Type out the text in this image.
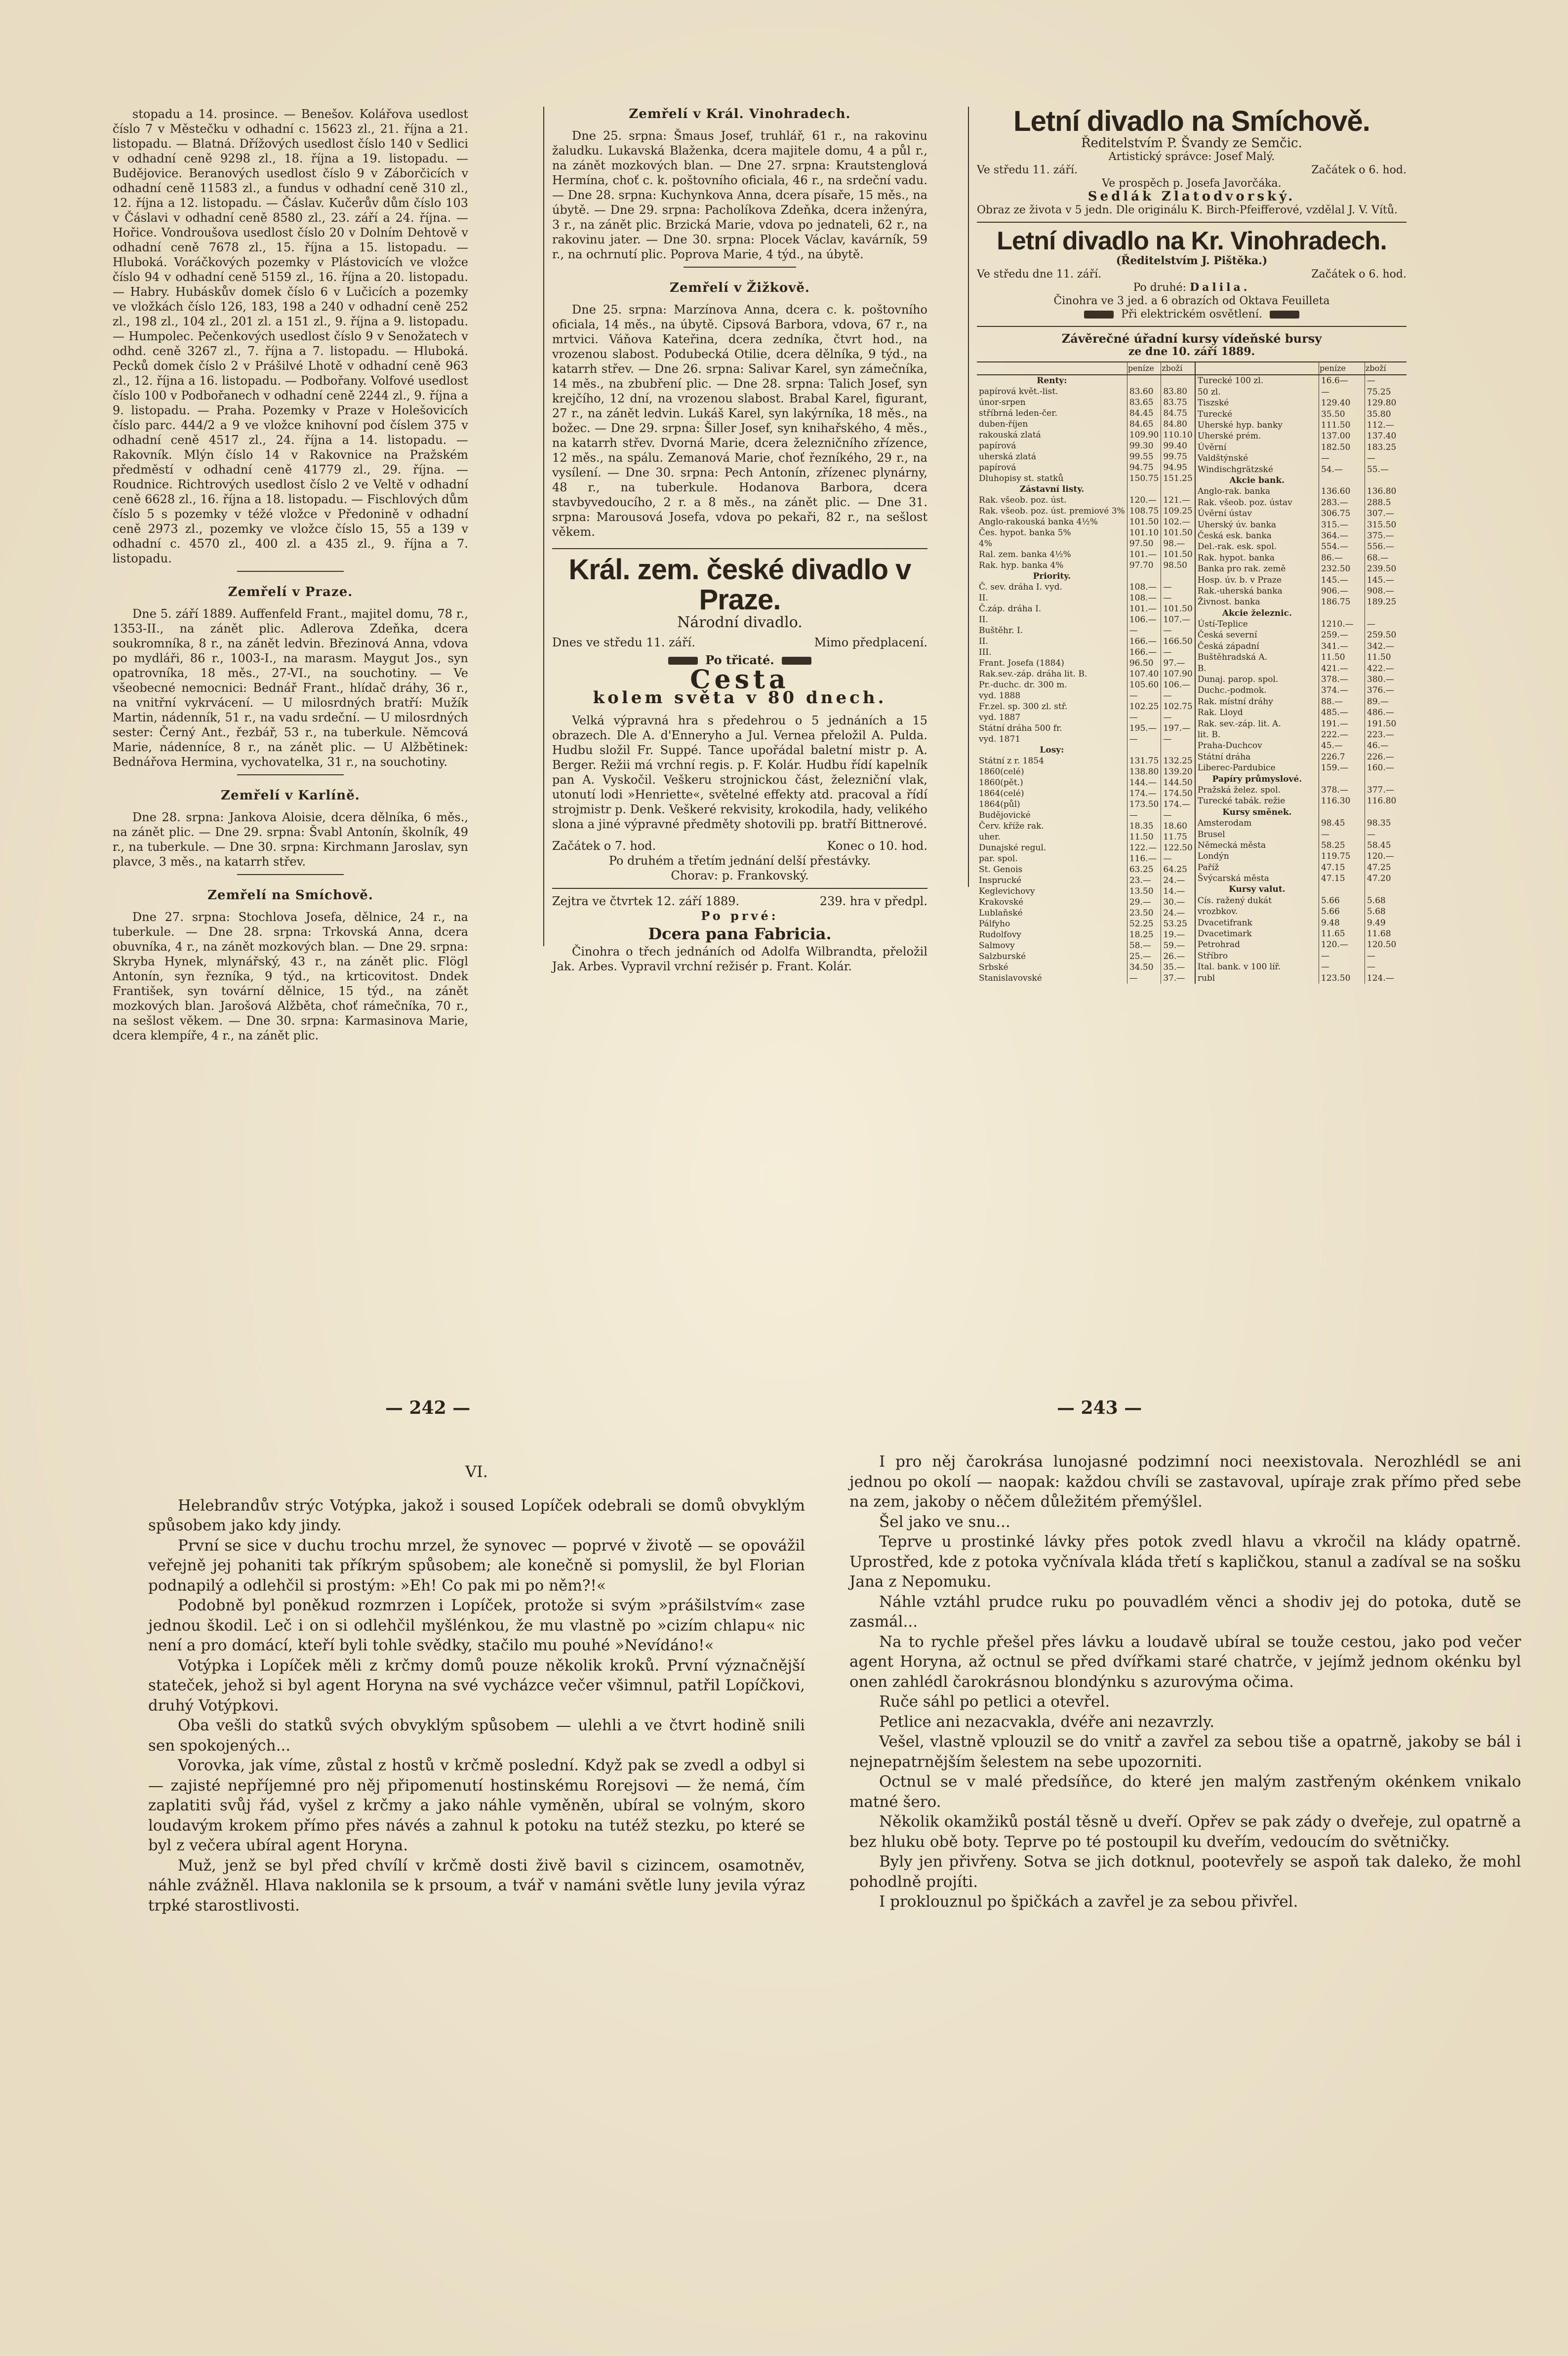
stopadu a 14. prosince. — Benešov. Kolářova usedlost číslo 7 v Městečku v odhadní c. 15623 zl., 21. října a 21. listopadu. — Blatná. Dřížových usedlost číslo 140 v Sedlici v odhadní ceně 9298 zl., 18. října a 19. listopadu. — Budějovice. Beranových usedlost číslo 9 v Záborčicích v odhadní ceně 11583 zl., a fundus v odhadní ceně 310 zl., 12. října a 12. listopadu. — Čáslav. Kučerův dům číslo 103 v Čáslavi v odhadní ceně 8580 zl., 23. září a 24. října. — Hořice. Vondroušova usedlost číslo 20 v Dolním Dehtově v odhadní ceně 7678 zl., 15. října a 15. listopadu. — Hluboká. Voráčkových pozemky v Plástovicích ve vložce číslo 94 v odhadní ceně 5159 zl., 16. října a 20. listopadu. — Habry. Hubáskův domek číslo 6 v Lučicích a pozemky ve vložkách číslo 126, 183, 198 a 240 v odhadní ceně 252 zl., 198 zl., 104 zl., 201 zl. a 151 zl., 9. října a 9. listopadu. — Humpolec. Pečenkových usedlost číslo 9 v Senožatech v odhd. ceně 3267 zl., 7. října a 7. listopadu. — Hluboká. Pecků domek číslo 2 v Prášilvé Lhotě v odhadní ceně 963 zl., 12. října a 16. listopadu. — Podbořany. Volfové usedlost číslo 100 v Podbořanech v odhadní ceně 2244 zl., 9. října a 9. listopadu. — Praha. Pozemky v Praze v Holešovicích číslo parc. 444/2 a 9 ve vložce knihovní pod číslem 375 v odhadní ceně 4517 zl., 24. října a 14. listopadu. — Rakovník. Mlýn číslo 14 v Rakovnice na Pražském předměstí v odhadní ceně 41779 zl., 29. října. — Roudnice. Richtrových usedlost číslo 2 ve Veltě v odhadní ceně 6628 zl., 16. října a 18. listopadu. — Fischlových dům číslo 5 s pozemky v téžé vložce v Předonině v odhadní ceně 2973 zl., pozemky ve vložce číslo 15, 55 a 139 v odhadní c. 4570 zl., 400 zl. a 435 zl., 9. října a 7. listopadu.

Zemřelí v Praze.

Dne 5. září 1889. Auffenfeld Frant., majitel domu, 78 r., 1353-II., na zánět plic. Adlerova Zdeňka, dcera soukromníka, 8 r., na zánět ledvin. Březinová Anna, vdova po mydláři, 86 r., 1003-I., na marasm. Maygut Jos., syn opatrovníka, 18 měs., 27-VI., na souchotiny. — Ve všeobecné nemocnici: Bednář Frant., hlídač dráhy, 36 r., na vnitřní vykrvácení. — U milosrdných bratří: Mužík Martin, nádenník, 51 r., na vadu srdeční. — U milosrdných sester: Černý Ant., řezbář, 53 r., na tuberkule. Němcová Marie, nádenníce, 8 r., na zánět plic. — U Alžbětinek: Bednářova Hermina, vychovatelka, 31 r., na souchotiny.

Zemřelí v Karlíně.

Dne 28. srpna: Jankova Aloisie, dcera dělníka, 6 měs., na zánět plic. — Dne 29. srpna: Švabl Antonín, školník, 49 r., na tuberkule. — Dne 30. srpna: Kirchmann Jaroslav, syn plavce, 3 měs., na katarrh střev.

Zemřelí na Smíchově.

Dne 27. srpna: Stochlova Josefa, dělnice, 24 r., na tuberkule. — Dne 28. srpna: Trkovská Anna, dcera obuvníka, 4 r., na zánět mozkových blan. — Dne 29. srpna: Skryba Hynek, mlynářský, 43 r., na zánět plic. Flögl Antonín, syn řezníka, 9 týd., na krticovitost. Dndek František, syn tovární dělnice, 15 týd., na zánět mozkových blan. Jarošová Alžběta, choť rámečníka, 70 r., na sešlost věkem. — Dne 30. srpna: Karmasinova Marie, dcera klempíře, 4 r., na zánět plic.

Zemřelí v Král. Vinohradech.

Dne 25. srpna: Šmaus Josef, truhlář, 61 r., na rakovinu žaludku. Lukavská Blaženka, dcera majitele domu, 4 a půl r., na zánět mozkových blan. — Dne 27. srpna: Krautstenglová Hermína, choť c. k. poštovního oficiala, 46 r., na srdeční vadu. — Dne 28. srpna: Kuchynkova Anna, dcera písaře, 15 měs., na úbytě. — Dne 29. srpna: Pacholíkova Zdeňka, dcera inženýra, 3 r., na zánět plic. Brzická Marie, vdova po jednateli, 62 r., na rakovinu jater. — Dne 30. srpna: Plocek Václav, kavárník, 59 r., na ochrnutí plic. Poprova Marie, 4 týd., na úbytě.

Zemřelí v Žižkově.

Dne 25. srpna: Marzínova Anna, dcera c. k. poštovního oficiala, 14 měs., na úbytě. Cipsová Barbora, vdova, 67 r., na mrtvici. Váňova Kateřina, dcera zedníka, čtvrt hod., na vrozenou slabost. Podubecká Otilie, dcera dělníka, 9 týd., na katarrh střev. — Dne 26. srpna: Salivar Karel, syn zámečníka, 14 měs., na zbubření plic. — Dne 28. srpna: Talich Josef, syn krejčího, 12 dní, na vrozenou slabost. Brabal Karel, figurant, 27 r., na zánět ledvin. Lukáš Karel, syn lakýrníka, 18 měs., na božec. — Dne 29. srpna: Šiller Josef, syn knihařského, 4 měs., na katarrh střev. Dvorná Marie, dcera železničního zřízence, 12 měs., na spálu. Zemanová Marie, choť řezníkého, 29 r., na vysílení. — Dne 30. srpna: Pech Antonín, zřízenec plynárny, 48 r., na tuberkule. Hodanova Barbora, dcera stavbyvedoucího, 2 r. a 8 měs., na zánět plic. — Dne 31. srpna: Marousová Josefa, vdova po pekaři, 82 r., na sešlost věkem.

Král. zem. české divadlo v Praze.
Národní divadlo.
Dnes ve středu 11. září.	Mimo předplacení.
Po třicaté.
Cesta
kolem světa v 80 dnech.

Velká výpravná hra s předehrou o 5 jednáních a 15 obrazech. Dle A. d'Enneryho a Jul. Vernea přeložil A. Pulda. Hudbu složil Fr. Suppé. Tance upořádal baletní mistr p. A. Berger. Režii má vrchní regis. p. F. Kolár. Hudbu řídí kapelník pan A. Vyskočil. Veškeru strojnickou část, železniční vlak, utonutí lodi »Henriette«, světelné effekty atd. pracoval a řídí strojmistr p. Denk. Veškeré rekvisity, krokodila, hady, velikého slona a jiné výpravné předměty shotovili pp. bratří Bittnerové.

Začátek o 7. hod.	Konec o 10. hod.
Po druhém a třetím jednání delší přestávky.
Chorav: p. Frankovský.
Zejtra ve čtvrtek 12. září 1889.	239. hra v předpl.
Po prvé:
Dcera pana Fabricia.

Činohra o třech jednáních od Adolfa Wilbrandta, přeložil Jak. Arbes. Vypravil vrchní režisér p. Frant. Kolár.

Letní divadlo na Smíchově.
Ředitelstvím P. Švandy ze Semčic.
Artistický správce: Josef Malý.
Ve středu 11. září.	Začátek o 6. hod.
Ve prospěch p. Josefa Javorčáka.
Sedlák Zlatodvorský.

Obraz ze života v 5 jedn. Dle originálu K. Birch-Pfeifferové, vzdělal J. V. Vítů.

Letní divadlo na Kr. Vinohradech.
(Ředitelstvím J. Pištěka.)
Ve středu dne 11. září.	Začátek o 6. hod.
Po druhé: Dalila.
Činohra ve 3 jed. a 6 obrazích od Oktava Feuilleta
Při elektrickém osvětlení.
Závěrečné úřadní kursy vídeňské bursy
ze dne 10. září 1889.
	peníze	zboží
Renty:		
papírová květ.-list.	83.60	83.80
únor-srpen	83.65	83.75
stříbrná leden-čer.	84.45	84.75
duben-říjen	84.65	84.80
rakouská zlatá	109.90	110.10
papírová	99.30	99.40
uherská zlatá	99.55	99.75
papírová	94.75	94.95
Dluhopisy st. statků	150.75	151.25
Zástavní listy.		
Rak. všeob. poz. úst.	120.—	121.—
Rak. všeob. poz. úst. premiové 3%	108.75	109.25
Anglo-rakouská banka 4½%	101.50	102.—
Čes. hypot. banka 5%	101.10	101.50
4%	97.50	98.—
Ral. zem. banka 4½%	101.—	101.50
Rak. hyp. banka 4%	97.70	98.50
Priority.		
Č. sev. dráha I. vyd.	108.—	—
II.	108.—	—
Č.záp. dráha I.	101.—	101.50
II.	106.—	107.—
Buštěhr. I.	—	—
II.	166.—	166.50
III.	166.—	—
Frant. Josefa (1884)	96.50	97.—
Rak.sev.-záp. dráha lit. B.	107.40	107.90
Pr.-duchc. dr. 300 m.	105.60	106.—
vyd. 1888	—	—
Fr.zel. sp. 300 zl. stř.	102.25	102.75
vyd. 1887	—	—
Státní dráha 500 fr.	195.—	197.—
vyd. 1871	—	—
Losy:		
Státní z r. 1854	131.75	132.25
1860(celé)	138.80	139.20
1860(pět.)	144.—	144.50
1864(celé)	174.—	174.50
1864(půl)	173.50	174.—
Budějovické	—	—
Červ. kříže rak.	18.35	18.60
uher.	11.50	11.75
Dunajské regul.	122.—	122.50
par. spol.	116.—	—
St. Genois	63.25	64.25
Insprucké	23.—	24.—
Keglevichovy	13.50	14.—
Krakovské	29.—	30.—
Lublaňské	23.50	24.—
Pálfyho	52.25	53.25
Rudolfovy	18.25	19.—
Salmovy	58.—	59.—
Salzburské	25.—	26.—
Srbské	34.50	35.—
Stanislavovské	—	37.—
	peníze	zboží
Turecké 100 zl.	16.6—	—
50 zl.	—	75.25
Tiszské	129.40	129.80
Turecké	35.50	35.80
Uherské hyp. banky	111.50	112.—
Uherské prém.	137.00	137.40
Úvěrní	182.50	183.25
Valdštýnské	—	—
Windischgrätzské	54.—	55.—
Akcie bank.		
Anglo-rak. banka	136.60	136.80
Rak. všeob. poz. ústav	283.—	288.5
Úvěrní ústav	306.75	307.—
Uherský úv. banka	315.—	315.50
Česká esk. banka	364.—	375.—
Del.-rak. esk. spol.	554.—	556.—
Rak. hypot. banka	86.—	68.—
Banka pro rak. země	232.50	239.50
Hosp. úv. b. v Praze	145.—	145.—
Rak.-uherská banka	906.—	908.—
Živnost. banka	186.75	189.25
Akcie železnic.		
Ústí-Teplice	1210.—	—
Česká severní	259.—	259.50
Česká západní	341.—	342.—
Buštěhradská A.	11.50	11.50
B.	421.—	422.—
Dunaj. parop. spol.	378.—	380.—
Duchc.-podmok.	374.—	376.—
Rak. místní dráhy	88.—	89.—
Rak. Lloyd	485.—	486.—
Rak. sev.-záp. lit. A.	191.—	191.50
lit. B.	222.—	223.—
Praha-Duchcov	45.—	46.—
Státní dráha	226.7	226.—
Liberec-Pardubice	159.—	160.—
Papíry průmyslové.		
Pražská želez. spol.	378.—	377.—
Turecké tabák. režie	116.30	116.80
Kursy směnek.		
Amsterodam	98.45	98.35
Brusel	—	—
Německá města	58.25	58.45
Londýn	119.75	120.—
Paříž	47.15	47.25
Švýcarská města	47.15	47.20
Kursy valut.		
Cís. ražený dukát	5.66	5.68
vrozbkov.	5.66	5.68
Dvacetifrank	9.48	9.49
Dvacetimark	11.65	11.68
Petrohrad	120.—	120.50
Stříbro	—	—
Ital. bank. v 100 líř.	—	—
rubl	123.50	124.—
— 242 —	— 243 —
VI.

Helebrandův strýc Votýpka, jakož i soused Lopíček odebrali se domů obvyklým spůsobem jako kdy jindy.

První se sice v duchu trochu mrzel, že synovec — poprvé v životě — se opovážil veřejně jej pohaniti tak příkrým spůsobem; ale konečně si pomyslil, že byl Florian podnapilý a odlehčil si prostým: »Eh! Co pak mi po něm?!«

Podobně byl poněkud rozmrzen i Lopíček, protože si svým »prášilstvím« zase jednou škodil. Leč i on si odlehčil myšlénkou, že mu vlastně po »cizím chlapu« nic není a pro domácí, kteří byli tohle svědky, stačilo mu pouhé »Nevídáno!«

Votýpka i Lopíček měli z krčmy domů pouze několik kroků. První význačnější stateček, jehož si byl agent Horyna na své vycházce večer všimnul, patřil Lopíčkovi, druhý Votýpkovi.

Oba vešli do statků svých obvyklým spůsobem — ulehli a ve čtvrt hodině snili sen spokojených...

Vorovka, jak víme, zůstal z hostů v krčmě poslední. Když pak se zvedl a odbyl si — zajisté nepříjemné pro něj připomenutí hostinskému Rorejsovi — že nemá, čím zaplatiti svůj řád, vyšel z krčmy a jako náhle vyměněn, ubíral se volným, skoro loudavým krokem přímo přes návés a zahnul k potoku na tutéž stezku, po které se byl z večera ubíral agent Horyna.

Muž, jenž se byl před chvílí v krčmě dosti živě bavil s cizincem, osamotněv, náhle zvážněl. Hlava naklonila se k prsoum, a tvář v namáni světle luny jevila výraz trpké starostlivosti.

I pro něj čarokrása lunojasné podzimní noci neexistovala. Nerozhlédl se ani jednou po okolí — naopak: každou chvíli se zastavoval, upíraje zrak přímo před sebe na zem, jakoby o něčem důležitém přemýšlel.

Šel jako ve snu...

Teprve u prostinké lávky přes potok zvedl hlavu a vkročil na klády opatrně. Uprostřed, kde z potoka vyčnívala kláda třetí s kapličkou, stanul a zadíval se na sošku Jana z Nepomuku.

Náhle vztáhl prudce ruku po pouvadlém věnci a shodiv jej do potoka, dutě se zasmál...

Na to rychle přešel přes lávku a loudavě ubíral se touže cestou, jako pod večer agent Horyna, až octnul se před dvířkami staré chatrče, v jejímž jednom okénku byl onen zahlédl čarokrásnou blondýnku s azurovýma očima.

Ruče sáhl po petlici a otevřel.

Petlice ani nezacvakla, dvéře ani nezavrzly.

Vešel, vlastně vplouzil se do vnitř a zavřel za sebou tiše a opatrně, jakoby se bál i nejnepatrnějším šelestem na sebe upozorniti.

Octnul se v malé předsíňce, do které jen malým zastřeným okénkem vnikalo matné šero.

Několik okamžiků postál těsně u dveří. Opřev se pak zády o dveřeje, zul opatrně a bez hluku obě boty. Teprve po té postoupil ku dveřím, vedoucím do světničky.

Byly jen přivřeny. Sotva se jich dotknul, pootevřely se aspoň tak daleko, že mohl pohodlně projíti.

I proklouznul po špičkách a zavřel je za sebou přivřel.
